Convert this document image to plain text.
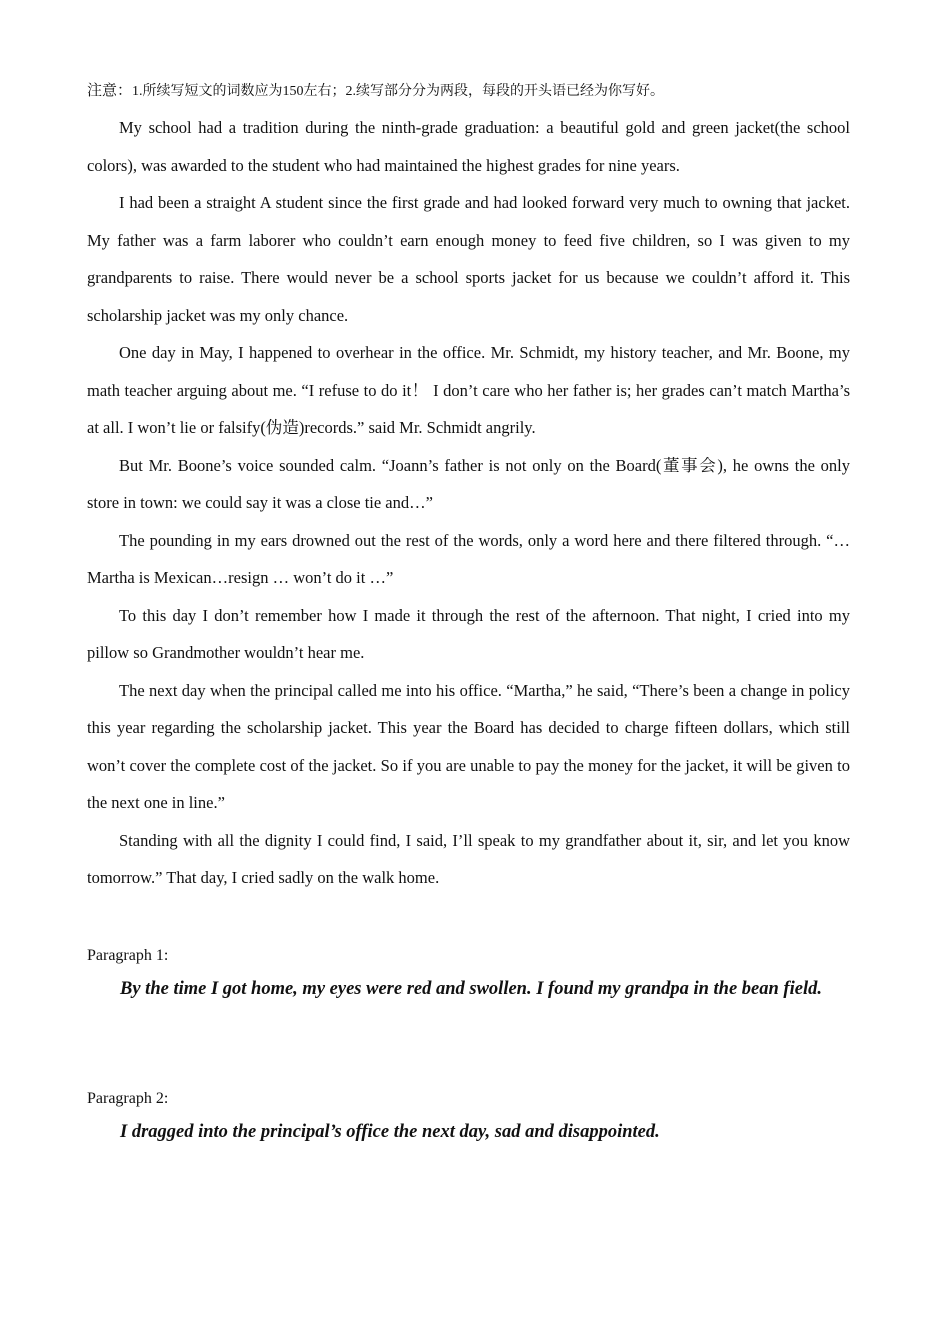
注意：1.所续写短文的词数应为150左右；2.续写部分分为两段，每段的开头语已经为你写好。

My school had a tradition during the ninth-grade graduation: a beautiful gold and green jacket(the school colors), was awarded to the student who had maintained the highest grades for nine years.

I had been a straight A student since the first grade and had looked forward very much to owning that jacket. My father was a farm laborer who couldn’t earn enough money to feed five children, so I was given to my grandparents to raise. There would never be a school sports jacket for us because we couldn’t afford it. This scholarship jacket was my only chance.

One day in May, I happened to overhear in the office. Mr. Schmidt, my history teacher, and Mr. Boone, my math teacher arguing about me. “I refuse to do it！ I don’t care who her father is; her grades can’t match Martha’s at all. I won’t lie or falsify(伪造)records.” said Mr. Schmidt angrily.

But Mr. Boone’s voice sounded calm. “Joann’s father is not only on the Board(董事会), he owns the only store in town: we could say it was a close tie and…”

The pounding in my ears drowned out the rest of the words, only a word here and there filtered through. “…Martha is Mexican…resign … won’t do it …”

To this day I don’t remember how I made it through the rest of the afternoon. That night, I cried into my pillow so Grandmother wouldn’t hear me.

The next day when the principal called me into his office. “Martha,” he said, “There’s been a change in policy this year regarding the scholarship jacket. This year the Board has decided to charge fifteen dollars, which still won’t cover the complete cost of the jacket. So if you are unable to pay the money for the jacket, it will be given to the next one in line.”

Standing with all the dignity I could find, I said, I’ll speak to my grandfather about it, sir, and let you know tomorrow.” That day, I cried sadly on the walk home.

Paragraph 1:

By the time I got home, my eyes were red and swollen. I found my grandpa in the bean field.

Paragraph 2:

I dragged into the principal’s office the next day, sad and disappointed.
